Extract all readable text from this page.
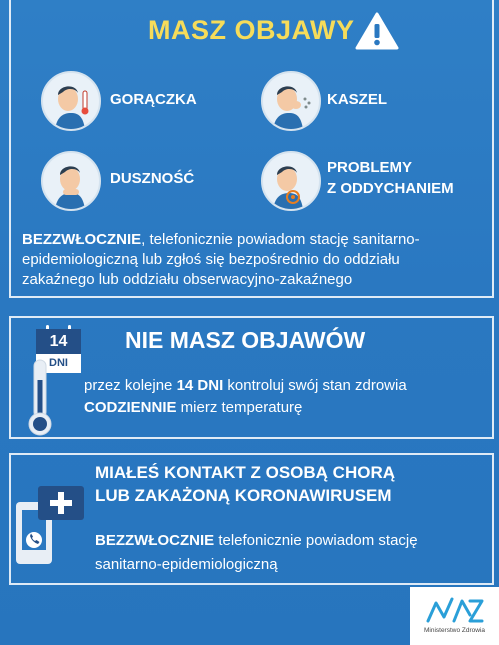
MASZ OBJAWY
GORĄCZKA	KASZEL
DUSZNOŚĆ
PROBLEMY
Z ODDYCHANIEM
BEZZWŁOCZNIE, telefonicznie powiadom stację sanitarno-
epidemiologiczną lub zgłoś się bezpośrednio do oddziału
zakaźnego lub oddziału obserwacyjno-zakaźnego
14
DNI
NIE MASZ OBJAWÓW
przez kolejne 14 DNI kontroluj swój stan zdrowia
CODZIENNIE mierz temperaturę
MIAŁEŚ KONTAKT Z OSOBĄ CHORĄ
LUB ZAKAŻONĄ KORONAWIRUSEM
BEZZWŁOCZNIE telefonicznie powiadom stację
sanitarno-epidemiologiczną
Ministerstwo Zdrowia
